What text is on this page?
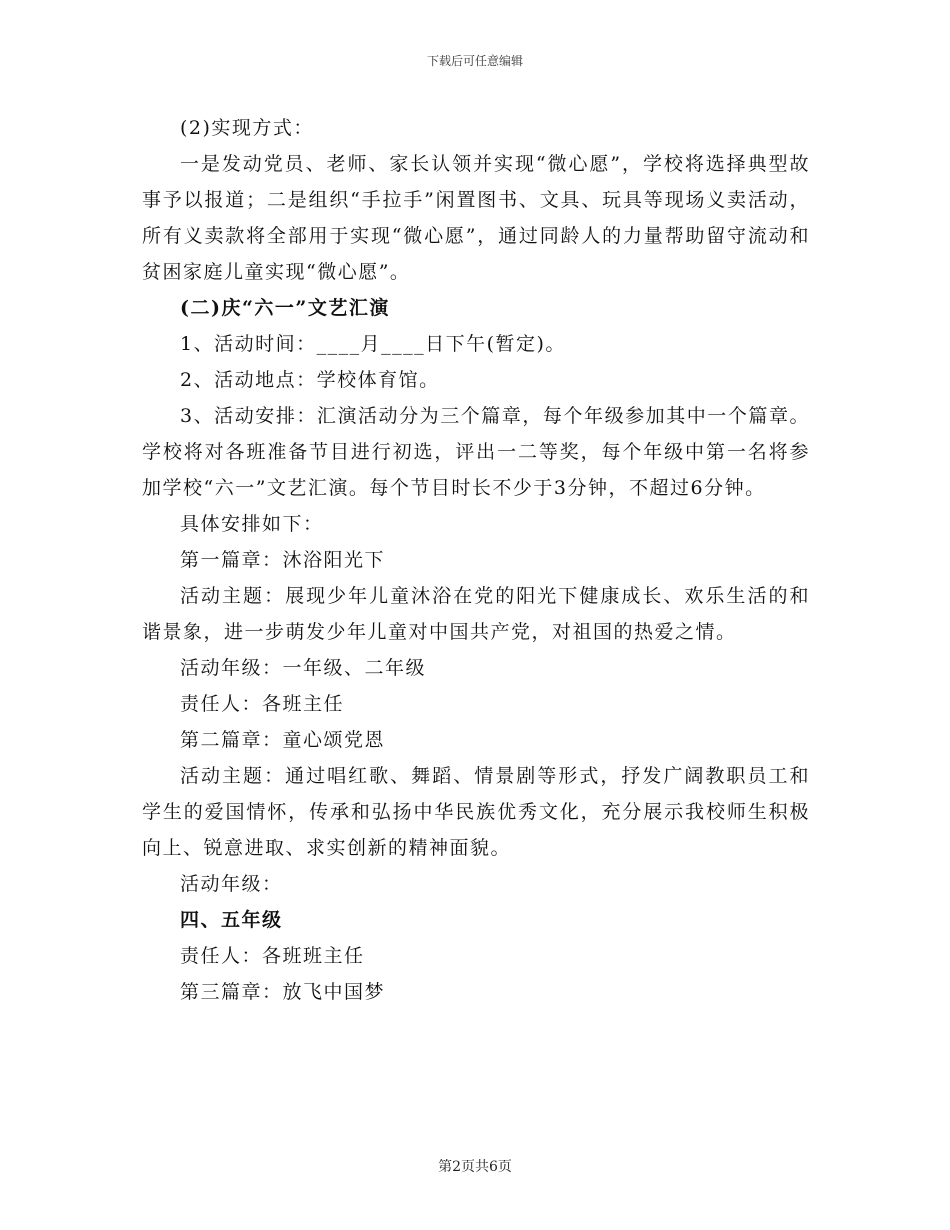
下载后可任意编辑

(2)实现方式：

一是发动党员、老师、家长认领并实现“微心愿”，学校将选择典型故事予以报道；二是组织“手拉手”闲置图书、文具、玩具等现场义卖活动，所有义卖款将全部用于实现“微心愿”，通过同龄人的力量帮助留守流动和贫困家庭儿童实现“微心愿”。

(二)庆“六一”文艺汇演

1、活动时间：____月____日下午(暂定)。

2、活动地点：学校体育馆。

3、活动安排：汇演活动分为三个篇章，每个年级参加其中一个篇章。学校将对各班准备节目进行初选，评出一二等奖，每个年级中第一名将参加学校“六一”文艺汇演。每个节目时长不少于3分钟，不超过6分钟。

具体安排如下：

第一篇章：沐浴阳光下

活动主题：展现少年儿童沐浴在党的阳光下健康成长、欢乐生活的和谐景象，进一步萌发少年儿童对中国共产党，对祖国的热爱之情。

活动年级：一年级、二年级

责任人：各班主任

第二篇章：童心颂党恩

活动主题：通过唱红歌、舞蹈、情景剧等形式，抒发广阔教职员工和学生的爱国情怀，传承和弘扬中华民族优秀文化，充分展示我校师生积极向上、锐意进取、求实创新的精神面貌。

活动年级：

四、五年级

责任人：各班班主任

第三篇章：放飞中国梦

第2页共6页
